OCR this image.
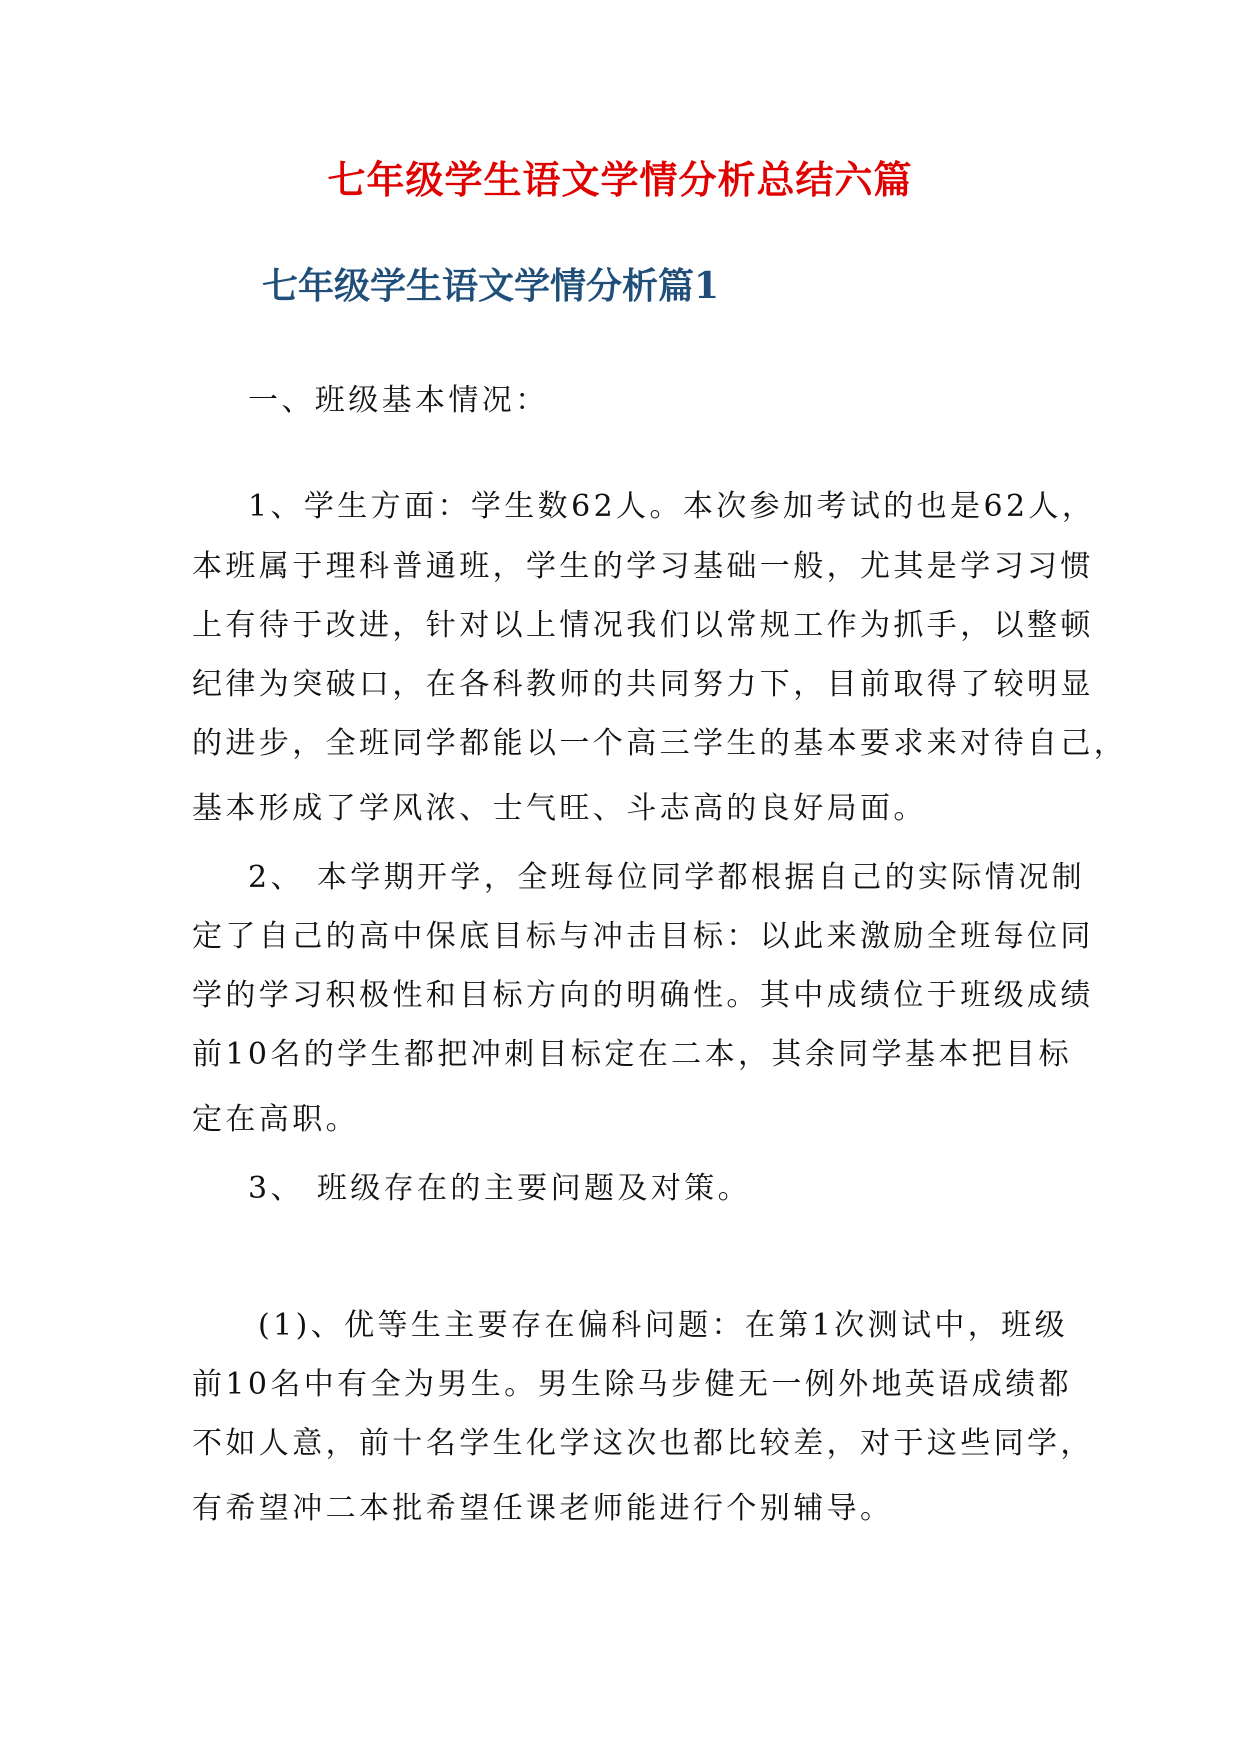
七年级学生语文学情分析总结六篇
七年级学生语文学情分析篇1

一、班级基本情况：

1、学生方面：学生数62人。本次参加考试的也是62人，

本班属于理科普通班，学生的学习基础一般，尤其是学习习惯

上有待于改进，针对以上情况我们以常规工作为抓手，以整顿

纪律为突破口，在各科教师的共同努力下，目前取得了较明显

的进步，全班同学都能以一个高三学生的基本要求来对待自己，

基本形成了学风浓、士气旺、斗志高的良好局面。

2、 本学期开学，全班每位同学都根据自己的实际情况制

定了自己的高中保底目标与冲击目标：以此来激励全班每位同

学的学习积极性和目标方向的明确性。其中成绩位于班级成绩

前10名的学生都把冲刺目标定在二本，其余同学基本把目标

定在高职。

3、 班级存在的主要问题及对策。

(1)、优等生主要存在偏科问题：在第1次测试中，班级

前10名中有全为男生。男生除马步健无一例外地英语成绩都

不如人意，前十名学生化学这次也都比较差，对于这些同学，

有希望冲二本批希望任课老师能进行个别辅导。
